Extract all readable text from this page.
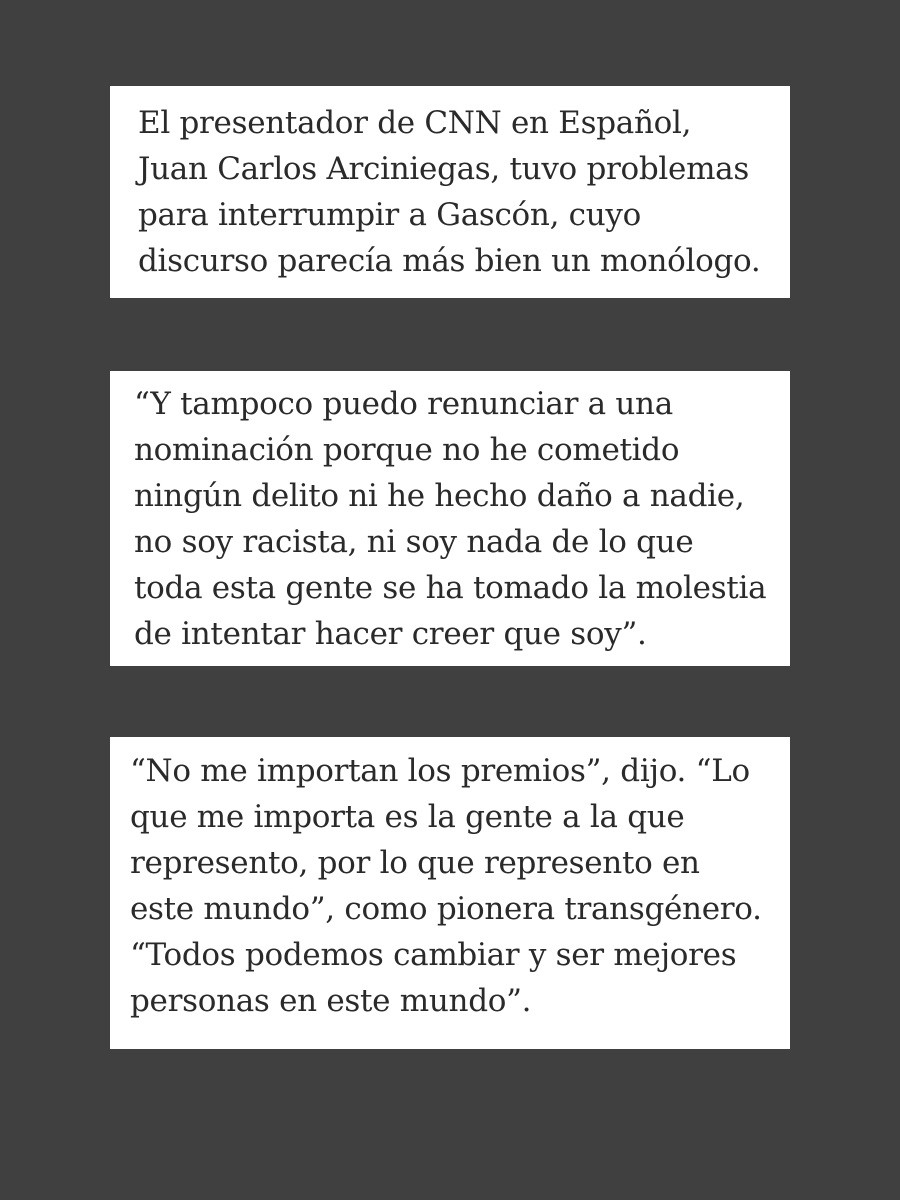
El presentador de CNN en Español, Juan Carlos Arciniegas, tuvo problemas para interrumpir a Gascón, cuyo discurso parecía más bien un monólogo.

“Y tampoco puedo renunciar a una nominación porque no he cometido ningún delito ni he hecho daño a nadie, no soy racista, ni soy nada de lo que toda esta gente se ha tomado la molestia de intentar hacer creer que soy”.

“No me importan los premios”, dijo. “Lo que me importa es la gente a la que represento, por lo que represento en este mundo”, como pionera transgénero. “Todos podemos cambiar y ser mejores personas en este mundo”.
